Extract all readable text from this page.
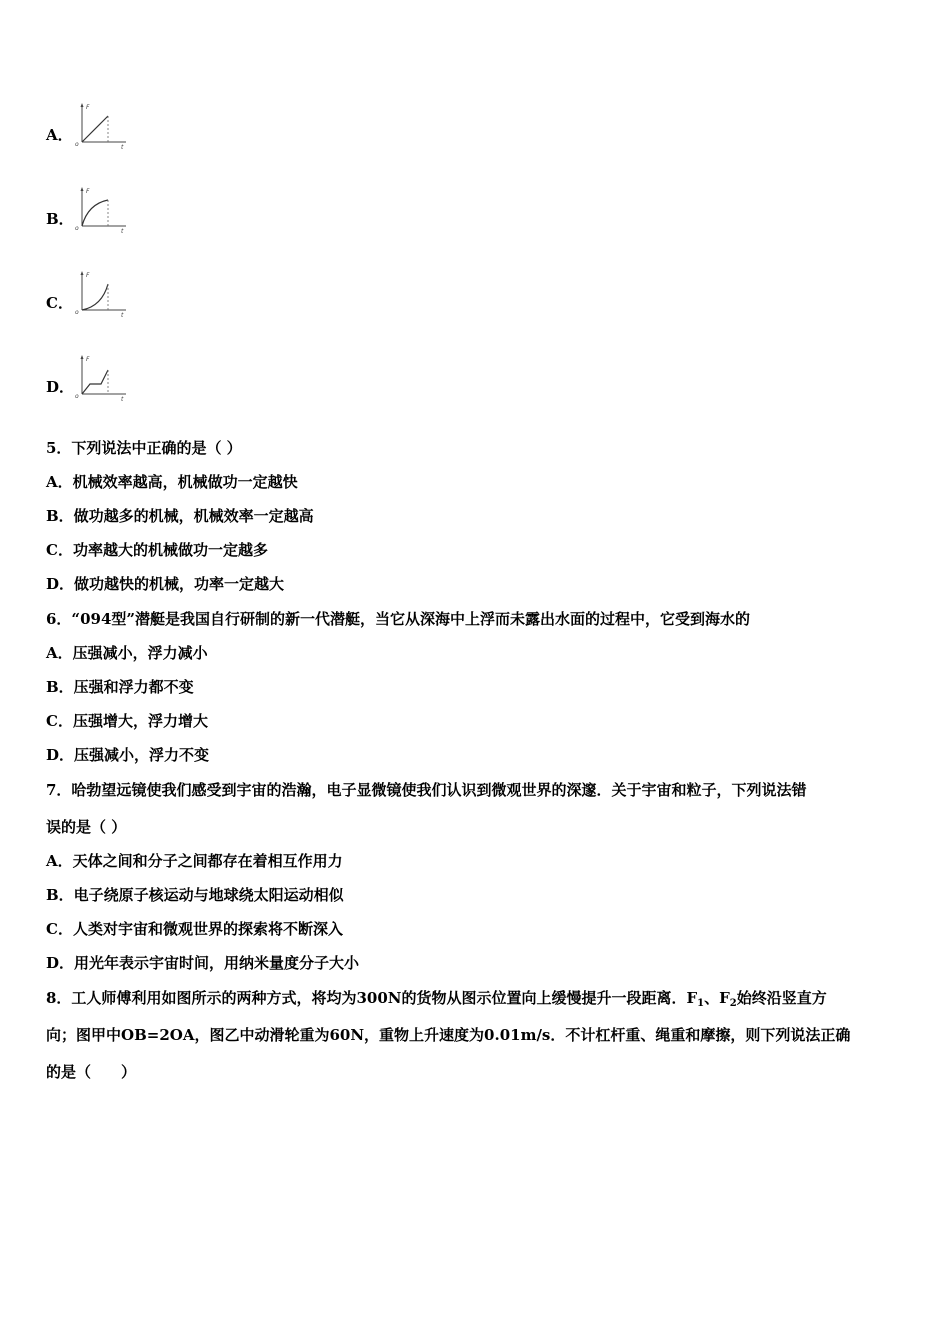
A．
F
t
o
B．
F
t
o
C．
F
t
o
D．
F
t
o
5．下列说法中正确的是（ ）
A．机械效率越高，机械做功一定越快
B．做功越多的机械，机械效率一定越高
C．功率越大的机械做功一定越多
D．做功越快的机械，功率一定越大
6．“094型”潜艇是我国自行研制的新一代潜艇，当它从深海中上浮而未露出水面的过程中，它受到海水的
A．压强减小，浮力减小
B．压强和浮力都不变
C．压强增大，浮力增大
D．压强减小，浮力不变
7．哈勃望远镜使我们感受到宇宙的浩瀚，电子显微镜使我们认识到微观世界的深邃．关于宇宙和粒子，下列说法错
误的是（ ）
A．天体之间和分子之间都存在着相互作用力
B．电子绕原子核运动与地球绕太阳运动相似
C．人类对宇宙和微观世界的探索将不断深入
D．用光年表示宇宙时间，用纳米量度分子大小
8．工人师傅利用如图所示的两种方式，将均为300N的货物从图示位置向上缓慢提升一段距离．$F_1$、$F_2$始终沿竖直方
向；图甲中OB=2OA，图乙中动滑轮重为60N，重物上升速度为0.01m/s．不计杠杆重、绳重和摩擦，则下列说法正确
的是（　　）
